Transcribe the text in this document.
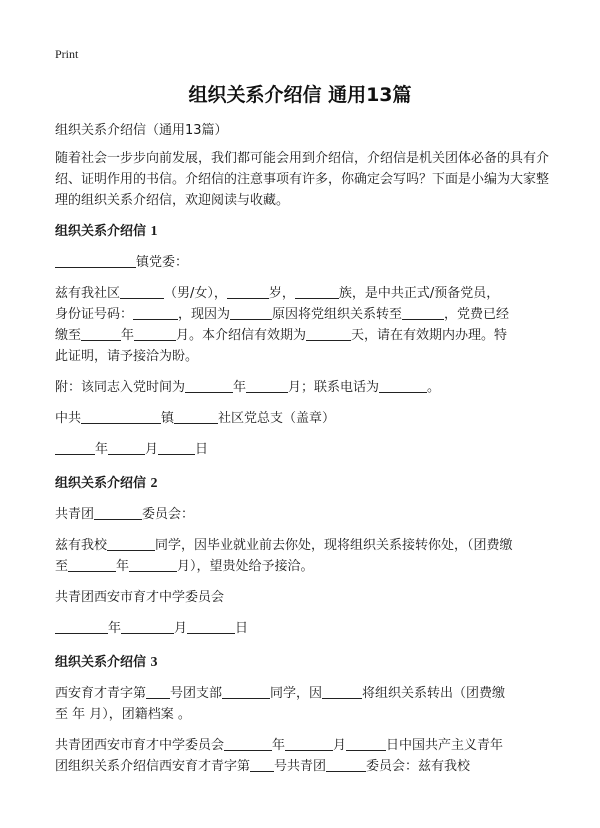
Print
组织关系介绍信 通用13篇

组织关系介绍信（通用13篇）

随着社会一步步向前发展，我们都可能会用到介绍信，介绍信是机关团体必备的具有介绍、证明作用的书信。介绍信的注意事项有许多，你确定会写吗？下面是小编为大家整理的组织关系介绍信，欢迎阅读与收藏。

组织关系介绍信 1

镇党委：

兹有我社区	（男/女），	岁，	族，是中共正式/预备党员，
身份证号码：	，现因为	原因将党组织关系转至	，党费已经
缴至	年	月。本介绍信有效期为	天，请在有效期内办理。特
此证明，请予接洽为盼。

附：该同志入党时间为	年	月；联系电话为	。

中共	镇	社区党总支（盖章）

年	月	日

组织关系介绍信 2

共青团	委员会：

兹有我校	同学，因毕业就业前去你处，现将组织关系接转你处，（团费缴
至	年	月），望贵处给予接洽。

共青团西安市育才中学委员会

年	月	日

组织关系介绍信 3

西安育才青字第 号团支部	同学，因	将组织关系转出（团费缴
至 年 月），团籍档案 。

共青团西安市育才中学委员会	年	月	日中国共产主义青年
团组织关系介绍信西安育才青字第 号共青团	委员会：兹有我校
